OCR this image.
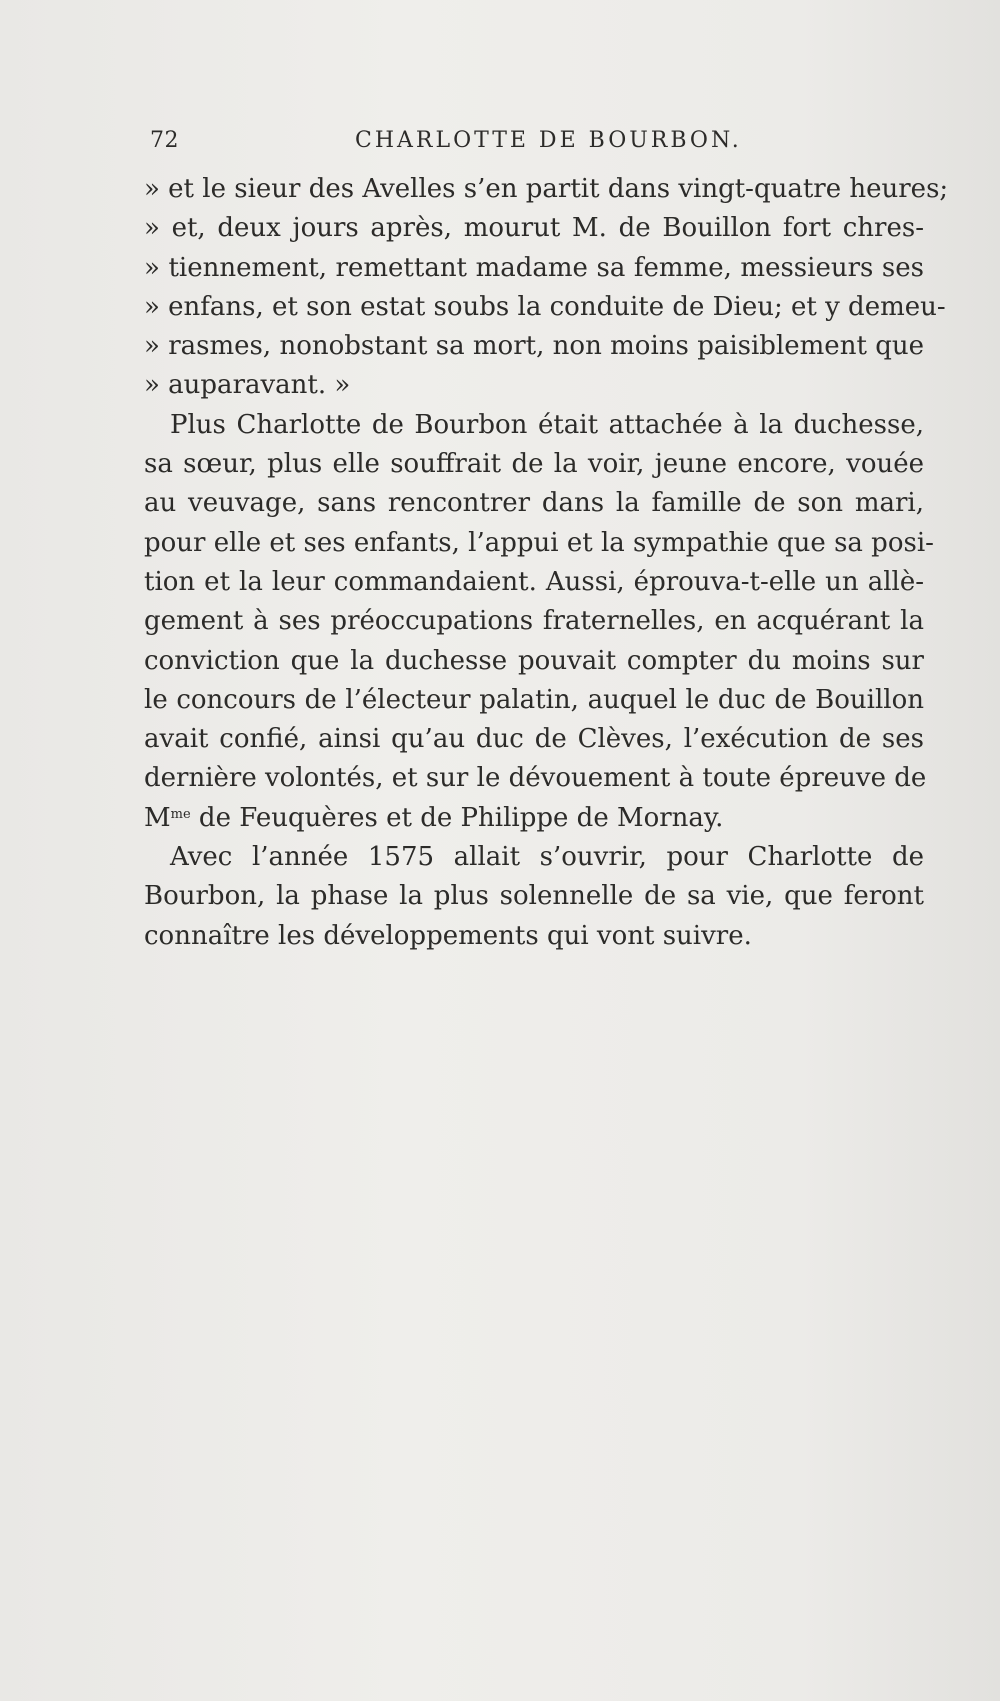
72	CHARLOTTE DE BOURBON.
» et le sieur des Avelles s’en partit dans vingt-quatre heures;
» et, deux jours après, mourut M. de Bouillon fort chres-
» tiennement, remettant madame sa femme, messieurs ses
» enfans, et son estat soubs la conduite de Dieu; et y demeu-
» rasmes, nonobstant sa mort, non moins paisiblement que
» auparavant. »
Plus Charlotte de Bourbon était attachée à la duchesse,
sa sœur, plus elle souffrait de la voir, jeune encore, vouée
au veuvage, sans rencontrer dans la famille de son mari,
pour elle et ses enfants, l’appui et la sympathie que sa posi-
tion et la leur commandaient. Aussi, éprouva-t-elle un allè-
gement à ses préoccupations fraternelles, en acquérant la
conviction que la duchesse pouvait compter du moins sur
le concours de l’électeur palatin, auquel le duc de Bouillon
avait confié, ainsi qu’au duc de Clèves, l’exécution de ses
dernière volontés, et sur le dévouement à toute épreuve de
$M^{me}$ de Feuquères et de Philippe de Mornay.
Avec l’année 1575 allait s’ouvrir, pour Charlotte de
Bourbon, la phase la plus solennelle de sa vie, que feront
connaître les développements qui vont suivre.
